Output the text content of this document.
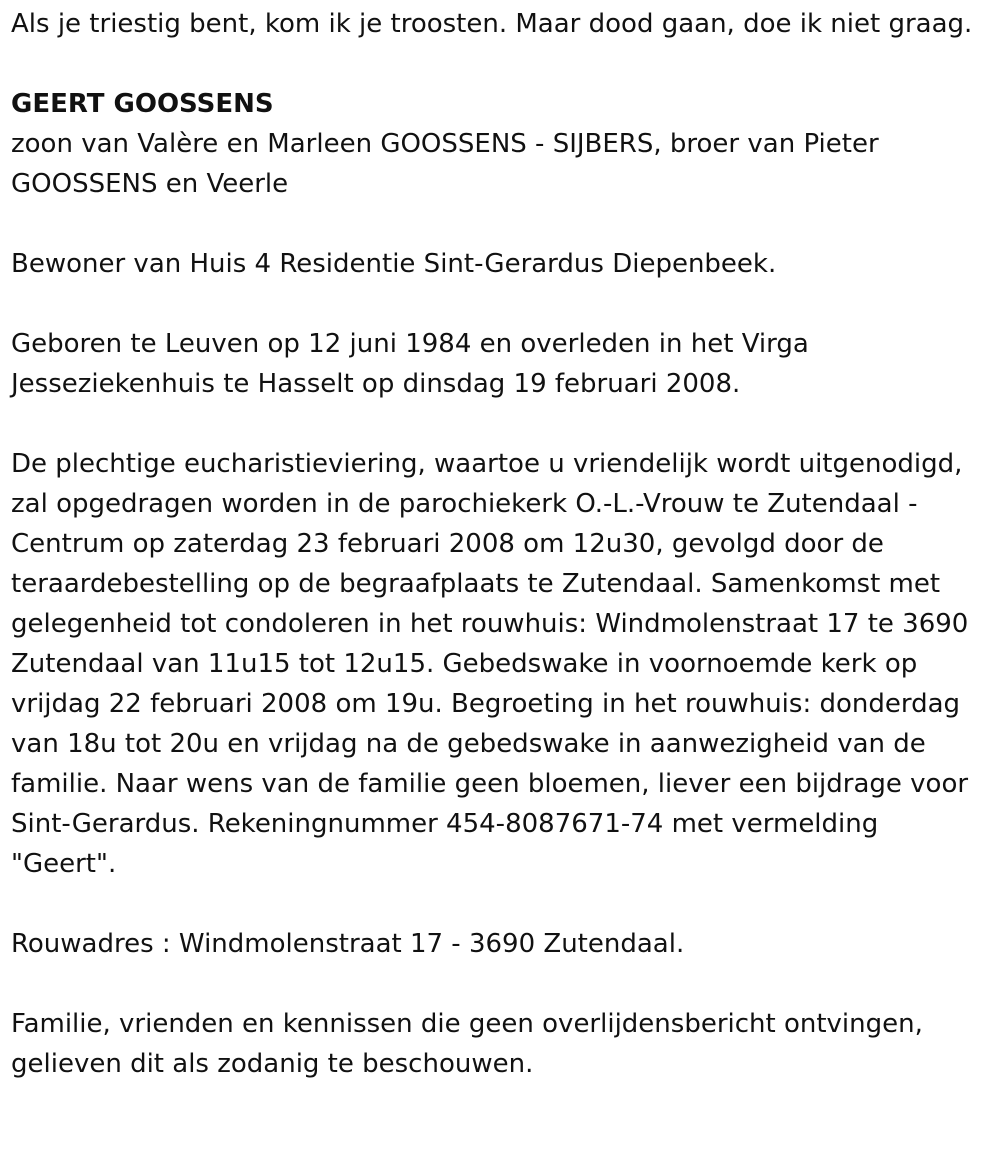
Als je triestig bent, kom ik je troosten. Maar dood gaan, doe ik niet graag.

GEERT GOOSSENS

zoon van Valère en Marleen GOOSSENS - SIJBERS, broer van Pieter GOOSSENS en Veerle

Bewoner van Huis 4 Residentie Sint-Gerardus Diepenbeek.

Geboren te Leuven op 12 juni 1984 en overleden in het Virga Jesseziekenhuis te Hasselt op dinsdag 19 februari 2008.

De plechtige eucharistieviering, waartoe u vriendelijk wordt uitgenodigd, zal opgedragen worden in de parochiekerk O.-L.-Vrouw te Zutendaal - Centrum op zaterdag 23 februari 2008 om 12u30, gevolgd door de teraardebestelling op de begraafplaats te Zutendaal. Samenkomst met gelegenheid tot condoleren in het rouwhuis: Windmolenstraat 17 te 3690 Zutendaal van 11u15 tot 12u15. Gebedswake in voornoemde kerk op vrijdag 22 februari 2008 om 19u. Begroeting in het rouwhuis: donderdag van 18u tot 20u en vrijdag na de gebedswake in aanwezigheid van de familie. Naar wens van de familie geen bloemen, liever een bijdrage voor Sint-Gerardus. Rekeningnummer 454-8087671-74 met vermelding "Geert".

Rouwadres : Windmolenstraat 17 - 3690 Zutendaal.

Familie, vrienden en kennissen die geen overlijdensbericht ontvingen, gelieven dit als zodanig te beschouwen.
